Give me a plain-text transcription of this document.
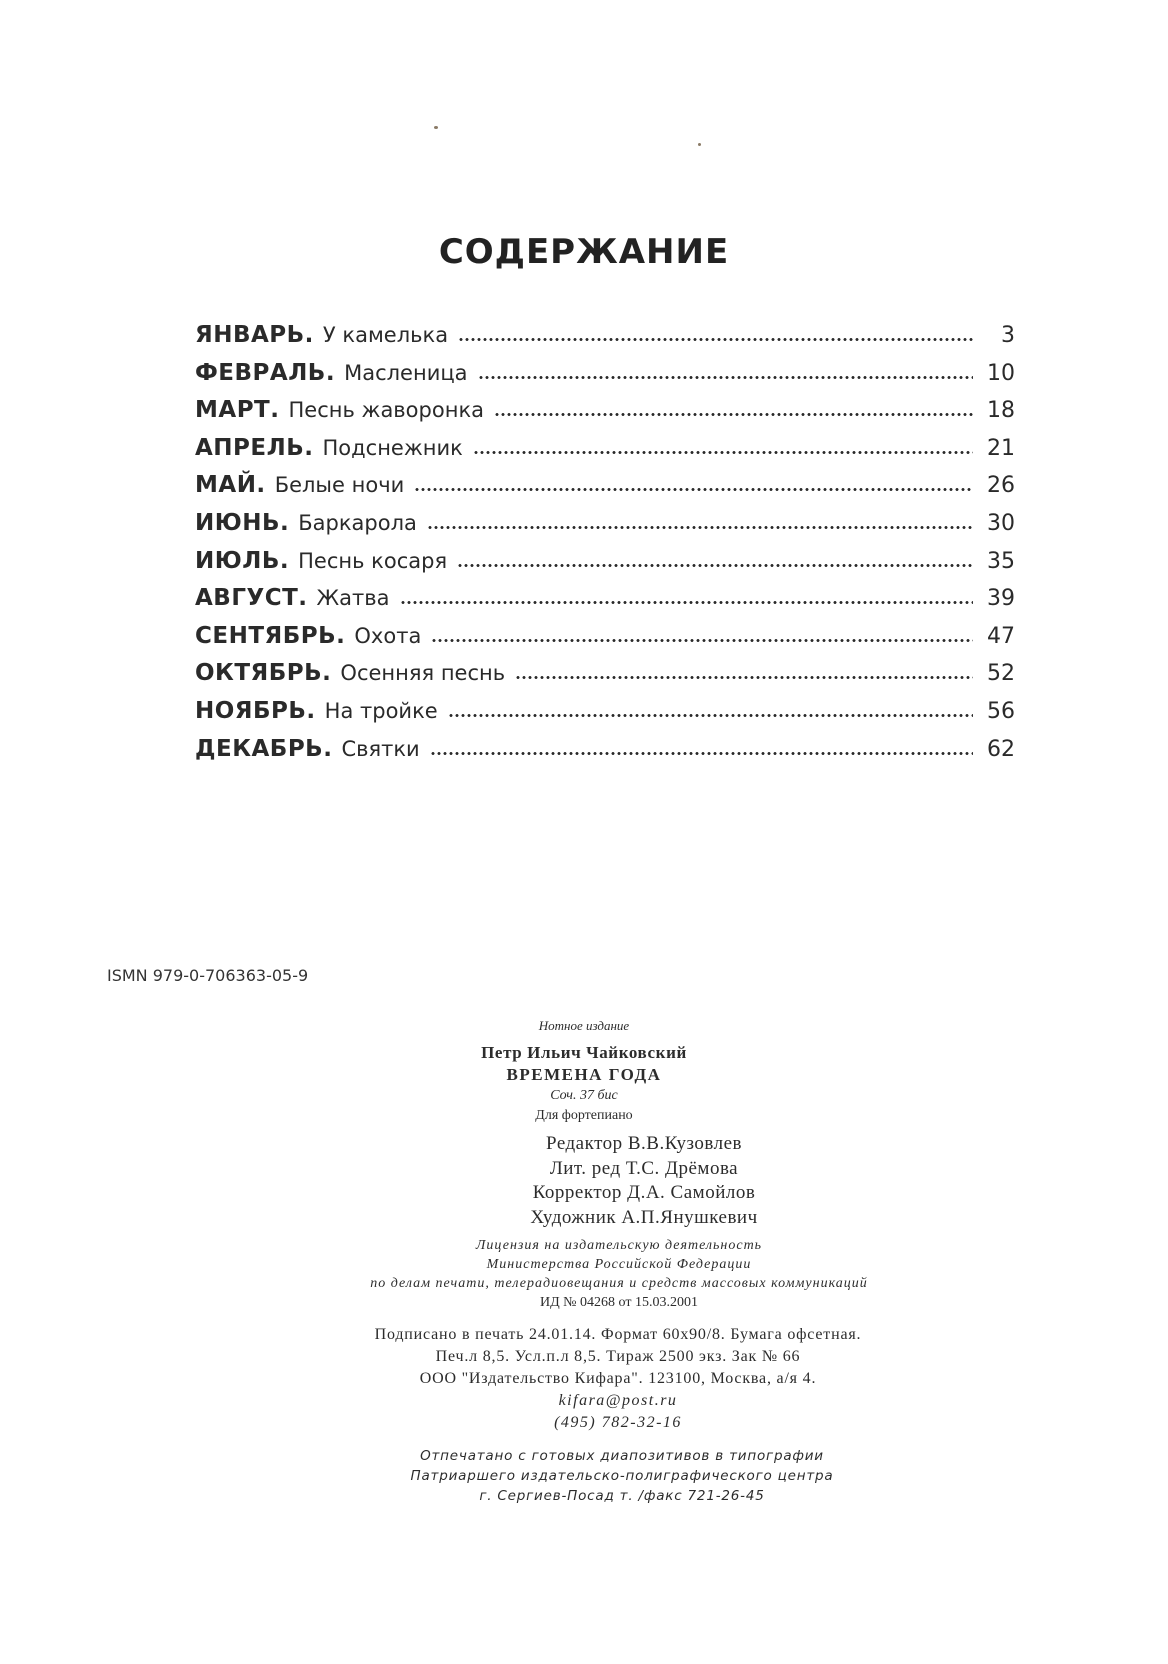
СОДЕРЖАНИЕ
ЯНВАРЬ. У камелька	3
ФЕВРАЛЬ. Масленица	10
МАРТ. Песнь жаворонка	18
АПРЕЛЬ. Подснежник	21
МАЙ. Белые ночи	26
ИЮНЬ. Баркарола	30
ИЮЛЬ. Песнь косаря	35
АВГУСТ. Жатва	39
СЕНТЯБРЬ. Охота	47
ОКТЯБРЬ. Осенняя песнь	52
НОЯБРЬ. На тройке	56
ДЕКАБРЬ. Святки	62
ISMN 979-0-706363-05-9
Нотное издание
Петр Ильич Чайковский
ВРЕМЕНА ГОДА
Соч. 37 бис
Для фортепиано
Редактор В.В.Кузовлев
Лит. ред Т.С. Дрёмова
Корректор Д.А. Самойлов
Художник А.П.Янушкевич
Лицензия на издательскую деятельность
Министерства Российской Федерации
по делам печати, телерадиовещания и средств массовых коммуникаций
ИД № 04268 от 15.03.2001
Подписано в печать 24.01.14. Формат 60х90/8. Бумага офсетная.
Печ.л 8,5. Усл.п.л 8,5. Тираж 2500 экз. Зак № 66
ООО "Издательство Кифара". 123100, Москва, а/я 4.
kifara@post.ru
(495) 782-32-16
Отпечатано с готовых диапозитивов в типографии
Патриаршего издательско-полиграфического центра
г. Сергиев-Посад т. /факс 721-26-45
